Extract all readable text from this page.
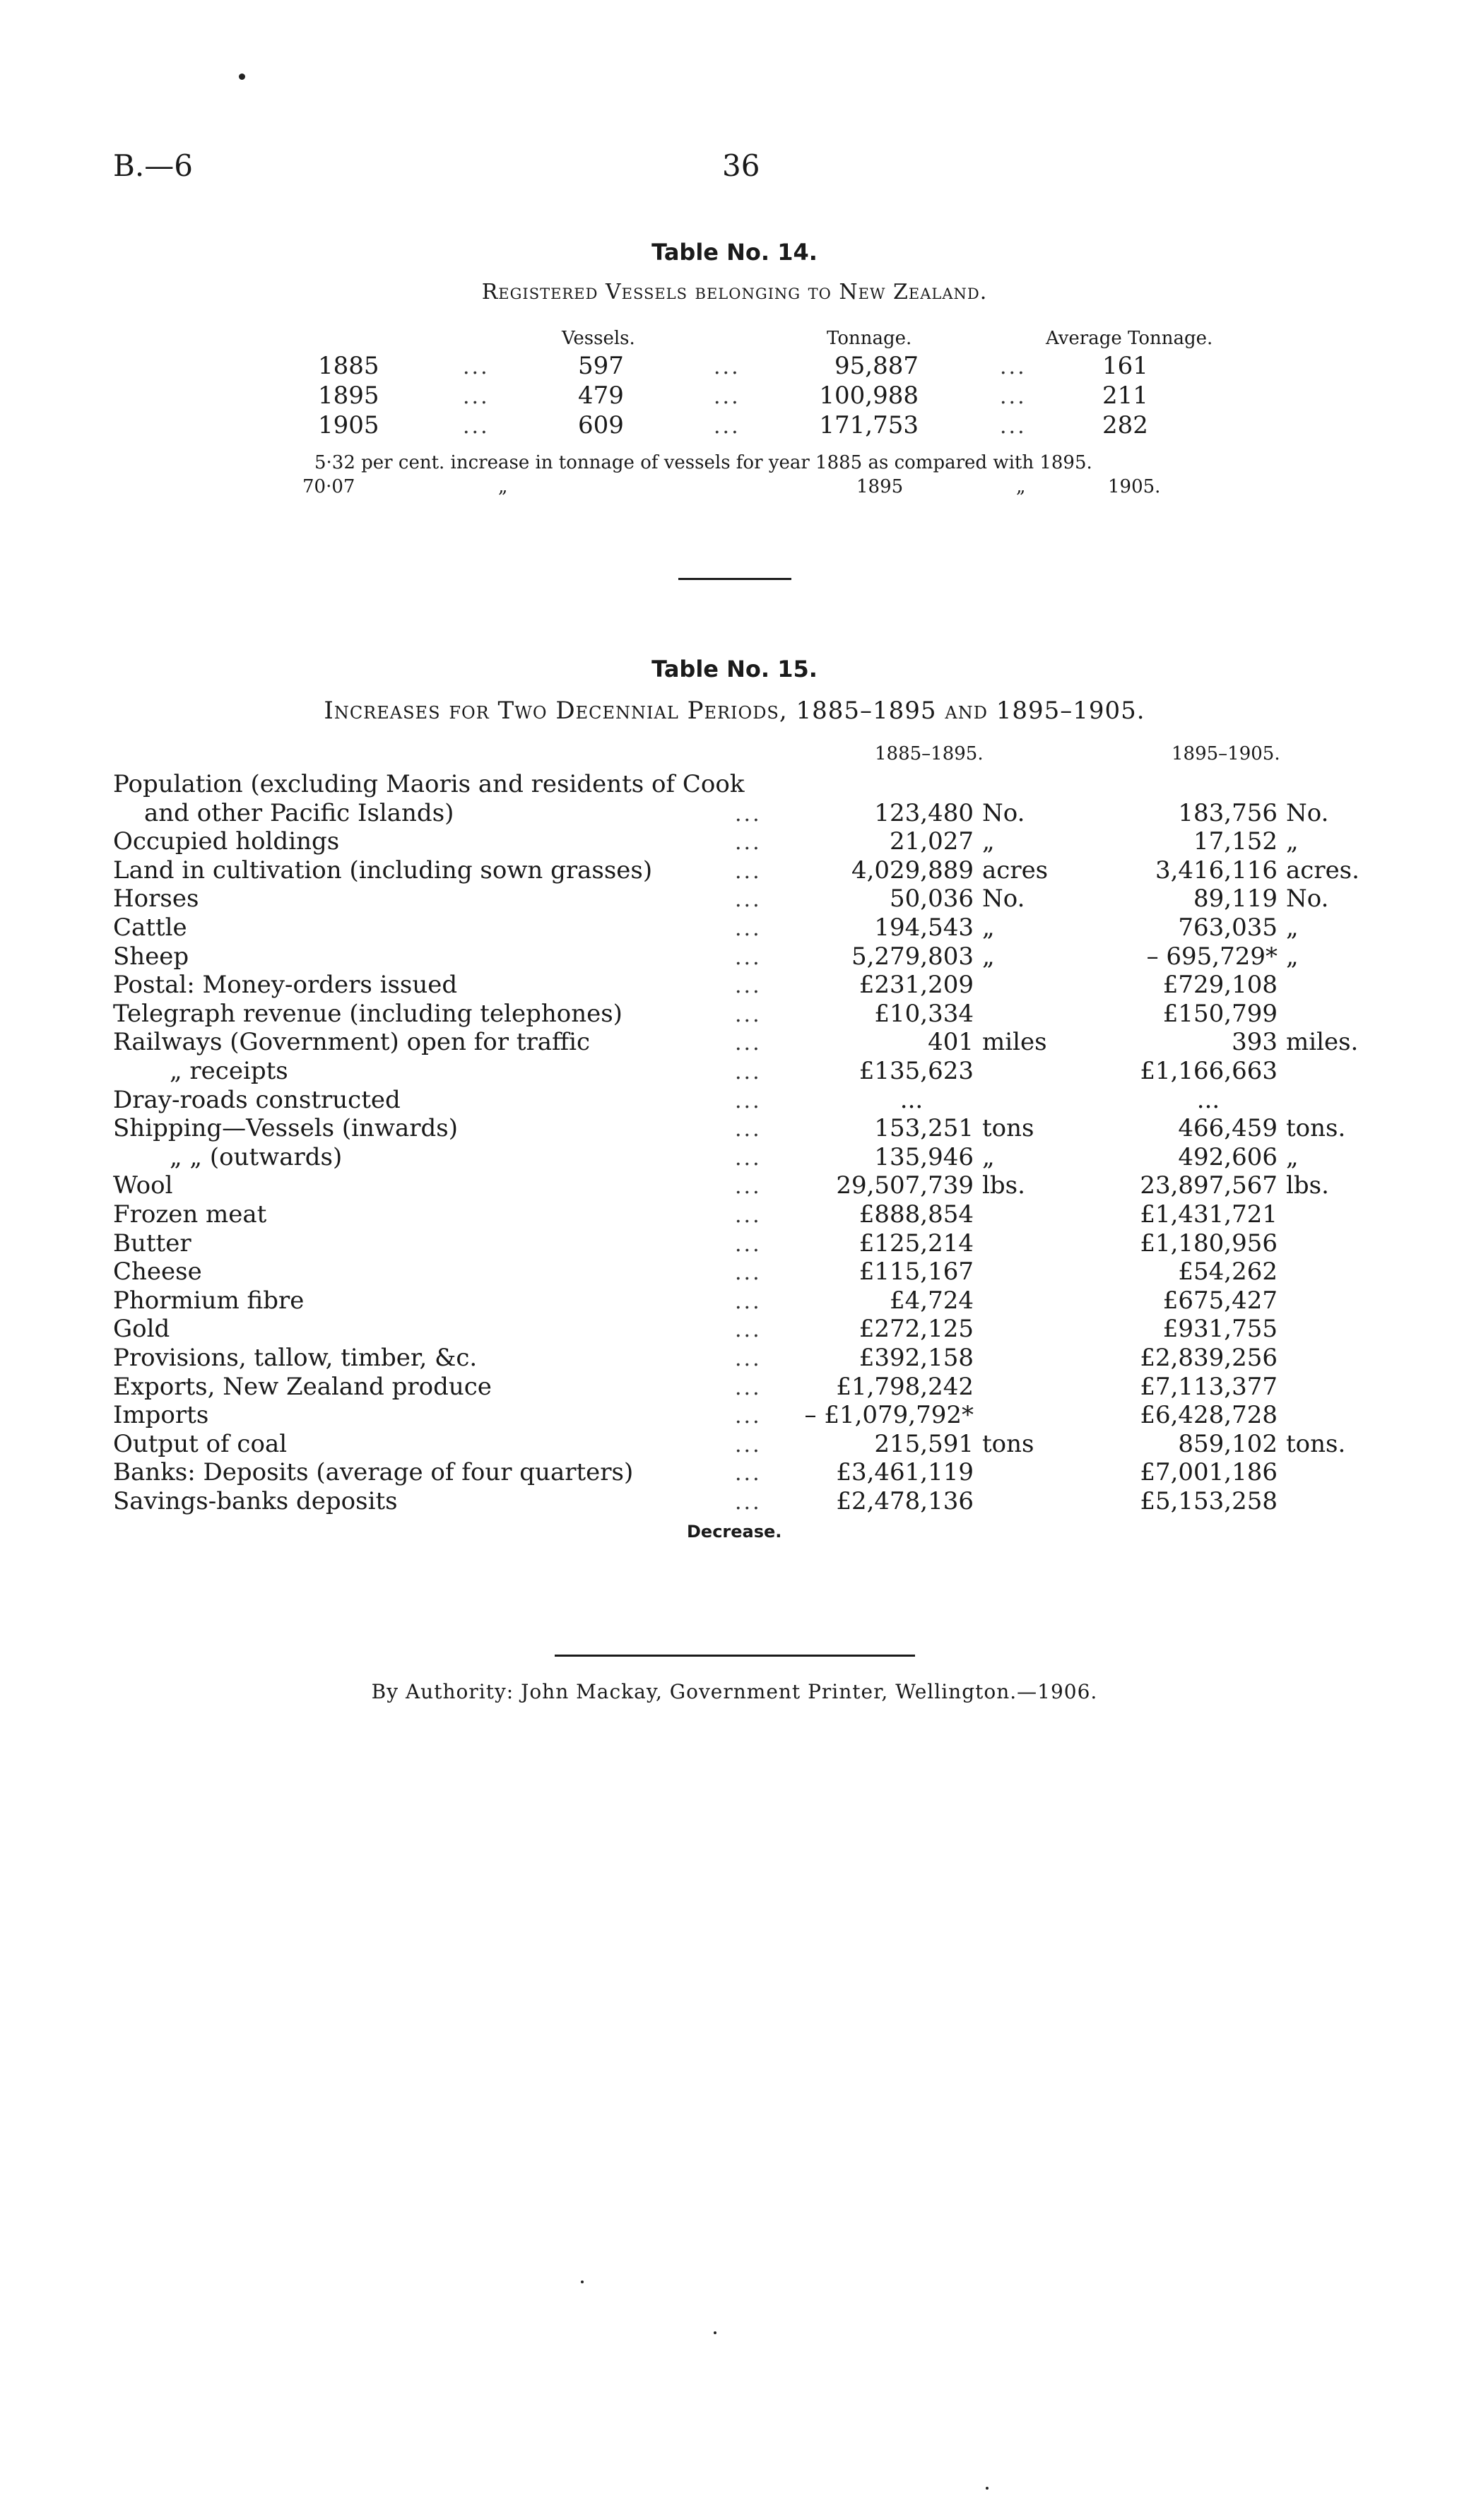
B.—6	36
Table No. 14.
Registered Vessels belonging to New Zealand.
Vessels.	Tonnage.	Average Tonnage.
1885	...	597	...	95,887	...	161
1895	...	479	...	100,988	...	211
1905	...	609	...	171,753	...	282
5·32 per cent. increase in tonnage of vessels for year 1885 as compared with 1895.
70·07	„	1895	„	1905.
Table No. 15.
Increases for Two Decennial Periods, 1885–1895 and 1895–1905.
1885–1895.	1895–1905.
Population (excluding Maoris and residents of Cook
and other Pacific Islands)	...	123,480 No.	183,756 No.
Occupied holdings	...	21,027 „	17,152 „
Land in cultivation (including sown grasses)	...	4,029,889 acres	3,416,116 acres.
Horses	...	50,036 No.	89,119 No.
Cattle	...	194,543 „	763,035 „
Sheep	...	5,279,803 „	– 695,729* „
Postal: Money-orders issued	...	£231,209	£729,108
Telegraph revenue (including telephones)	...	£10,334	£150,799
Railways (Government) open for traffic	...	401 miles	393 miles.
„ receipts	...	£135,623	£1,166,663
Dray-roads constructed	...	...	...
Shipping—Vessels (inwards)	...	153,251 tons	466,459 tons.
„ „ (outwards)	...	135,946 „	492,606 „
Wool	...	29,507,739 lbs.	23,897,567 lbs.
Frozen meat	...	£888,854	£1,431,721
Butter	...	£125,214	£1,180,956
Cheese	...	£115,167	£54,262
Phormium fibre	...	£4,724	£675,427
Gold	...	£272,125	£931,755
Provisions, tallow, timber, &c.	...	£392,158	£2,839,256
Exports, New Zealand produce	...	£1,798,242	£7,113,377
Imports	...	– £1,079,792*	£6,428,728
Output of coal	...	215,591 tons	859,102 tons.
Banks: Deposits (average of four quarters)	...	£3,461,119	£7,001,186
Savings-banks deposits	...	£2,478,136	£5,153,258
Decrease.
By Authority: John Mackay, Government Printer, Wellington.—1906.
